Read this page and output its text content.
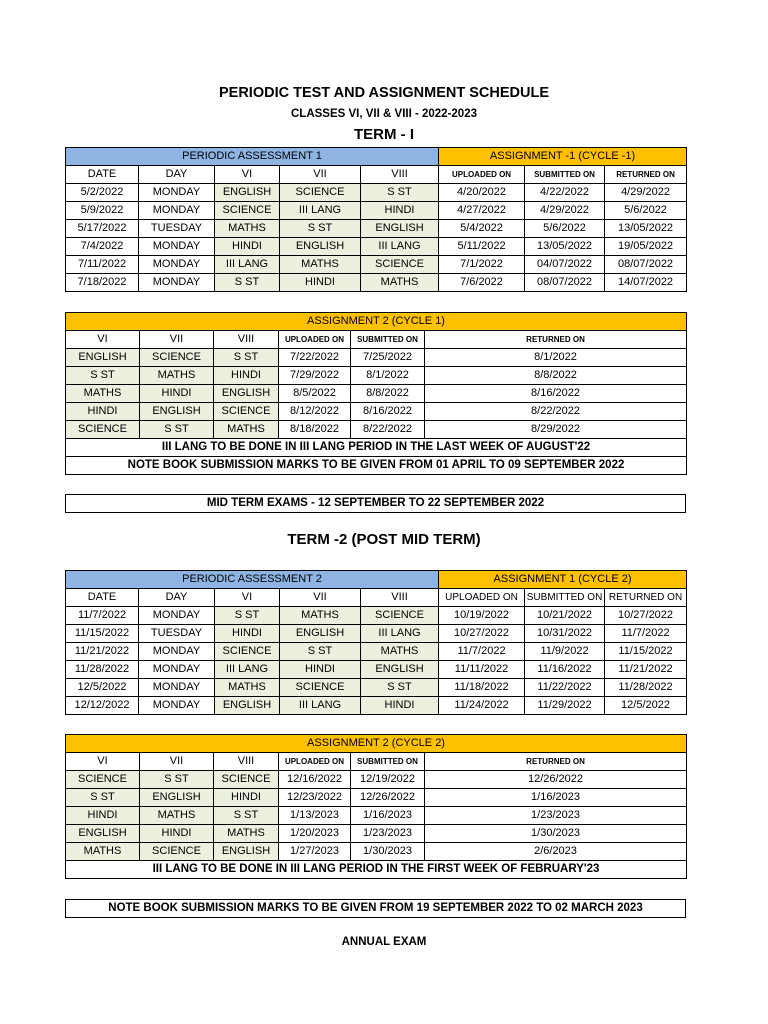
PERIODIC TEST AND ASSIGNMENT SCHEDULE
CLASSES VI, VII & VIII - 2022-2023
TERM - I
PERIODIC ASSESSMENT 1					ASSIGNMENT -1 (CYCLE -1)		
DATE	DAY	VI	VII	VIII	UPLOADED ON	SUBMITTED ON	RETURNED ON
5/2/2022	MONDAY	ENGLISH	SCIENCE	S ST	4/20/2022	4/22/2022	4/29/2022
5/9/2022	MONDAY	SCIENCE	III LANG	HINDI	4/27/2022	4/29/2022	5/6/2022
5/17/2022	TUESDAY	MATHS	S ST	ENGLISH	5/4/2022	5/6/2022	13/05/2022
7/4/2022	MONDAY	HINDI	ENGLISH	III LANG	5/11/2022	13/05/2022	19/05/2022
7/11/2022	MONDAY	III LANG	MATHS	SCIENCE	7/1/2022	04/07/2022	08/07/2022
7/18/2022	MONDAY	S ST	HINDI	MATHS	7/6/2022	08/07/2022	14/07/2022
ASSIGNMENT 2 (CYCLE 1)					
VI	VII	VIII	UPLOADED ON	SUBMITTED ON	RETURNED ON
ENGLISH	SCIENCE	S ST	7/22/2022	7/25/2022	8/1/2022
S ST	MATHS	HINDI	7/29/2022	8/1/2022	8/8/2022
MATHS	HINDI	ENGLISH	8/5/2022	8/8/2022	8/16/2022
HINDI	ENGLISH	SCIENCE	8/12/2022	8/16/2022	8/22/2022
SCIENCE	S ST	MATHS	8/18/2022	8/22/2022	8/29/2022
III LANG TO BE DONE IN III LANG PERIOD IN THE LAST WEEK OF AUGUST'22					
NOTE BOOK SUBMISSION MARKS TO BE GIVEN FROM 01 APRIL TO 09 SEPTEMBER 2022					
MID TERM EXAMS - 12 SEPTEMBER TO 22 SEPTEMBER 2022
TERM -2 (POST MID TERM)
PERIODIC ASSESSMENT 2					ASSIGNMENT 1 (CYCLE 2)		
DATE	DAY	VI	VII	VIII	UPLOADED ON	SUBMITTED ON	RETURNED ON
11/7/2022	MONDAY	S ST	MATHS	SCIENCE	10/19/2022	10/21/2022	10/27/2022
11/15/2022	TUESDAY	HINDI	ENGLISH	III LANG	10/27/2022	10/31/2022	11/7/2022
11/21/2022	MONDAY	SCIENCE	S ST	MATHS	11/7/2022	11/9/2022	11/15/2022
11/28/2022	MONDAY	III LANG	HINDI	ENGLISH	11/11/2022	11/16/2022	11/21/2022
12/5/2022	MONDAY	MATHS	SCIENCE	S ST	11/18/2022	11/22/2022	11/28/2022
12/12/2022	MONDAY	ENGLISH	III LANG	HINDI	11/24/2022	11/29/2022	12/5/2022
ASSIGNMENT 2 (CYCLE 2)					
VI	VII	VIII	UPLOADED ON	SUBMITTED ON	RETURNED ON
SCIENCE	S ST	SCIENCE	12/16/2022	12/19/2022	12/26/2022
S ST	ENGLISH	HINDI	12/23/2022	12/26/2022	1/16/2023
HINDI	MATHS	S ST	1/13/2023	1/16/2023	1/23/2023
ENGLISH	HINDI	MATHS	1/20/2023	1/23/2023	1/30/2023
MATHS	SCIENCE	ENGLISH	1/27/2023	1/30/2023	2/6/2023
III LANG TO BE DONE IN III LANG PERIOD IN THE FIRST WEEK OF FEBRUARY'23					
NOTE BOOK SUBMISSION MARKS TO BE GIVEN FROM 19 SEPTEMBER 2022 TO 02 MARCH 2023
ANNUAL EXAM
